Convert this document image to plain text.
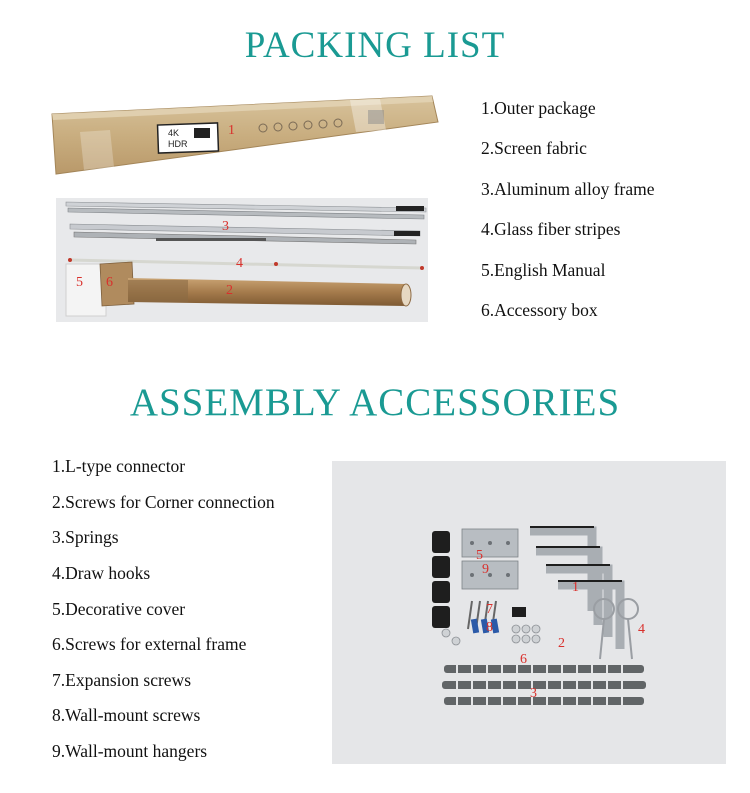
PACKING LIST
4K
HDR
1
3
4
5 6
2
1.Outer package
2.Screen fabric
3.Aluminum alloy frame
4.Glass fiber stripes
5.English Manual
6.Accessory box
ASSEMBLY ACCESSORIES
1.L-type connector
2.Screws for Corner connection
3.Springs
4.Draw hooks
5.Decorative cover
6.Screws for external frame
7.Expansion screws
8.Wall-mount screws
9.Wall-mount hangers
9
5
1
4
7
8
2
6
3
